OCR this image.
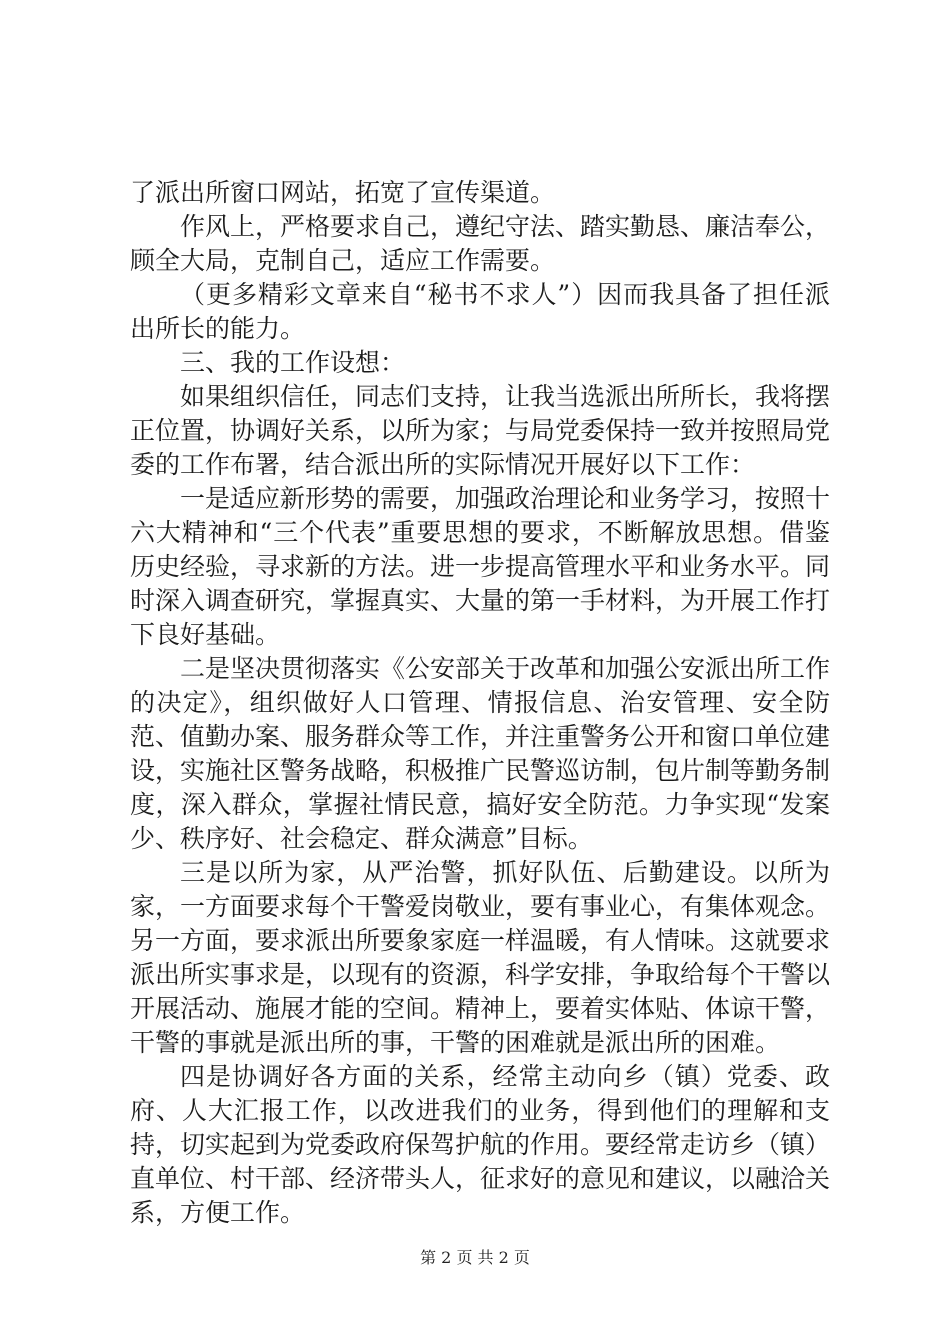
了派出所窗口网站，拓宽了宣传渠道。

作风上，严格要求自己，遵纪守法、踏实勤恳、廉洁奉公，顾全大局，克制自己，适应工作需要。

（更多精彩文章来自“秘书不求人”）因而我具备了担任派出所长的能力。

三、我的工作设想：

如果组织信任，同志们支持，让我当选派出所所长，我将摆正位置，协调好关系，以所为家；与局党委保持一致并按照局党委的工作布署，结合派出所的实际情况开展好以下工作：

一是适应新形势的需要，加强政治理论和业务学习，按照十六大精神和“三个代表”重要思想的要求，不断解放思想。借鉴历史经验，寻求新的方法。进一步提高管理水平和业务水平。同时深入调查研究，掌握真实、大量的第一手材料，为开展工作打下良好基础。

二是坚决贯彻落实《公安部关于改革和加强公安派出所工作的决定》，组织做好人口管理、情报信息、治安管理、安全防范、值勤办案、服务群众等工作，并注重警务公开和窗口单位建设，实施社区警务战略，积极推广民警巡访制，包片制等勤务制度，深入群众，掌握社情民意，搞好安全防范。力争实现“发案少、秩序好、社会稳定、群众满意”目标。

三是以所为家，从严治警，抓好队伍、后勤建设。以所为家，一方面要求每个干警爱岗敬业，要有事业心，有集体观念。另一方面，要求派出所要象家庭一样温暖，有人情味。这就要求派出所实事求是，以现有的资源，科学安排，争取给每个干警以开展活动、施展才能的空间。精神上，要着实体贴、体谅干警，干警的事就是派出所的事，干警的困难就是派出所的困难。

四是协调好各方面的关系，经常主动向乡（镇）党委、政府、人大汇报工作，以改进我们的业务，得到他们的理解和支持，切实起到为党委政府保驾护航的作用。要经常走访乡（镇）直单位、村干部、经济带头人，征求好的意见和建议，以融洽关系，方便工作。

第 2 页 共 2 页
